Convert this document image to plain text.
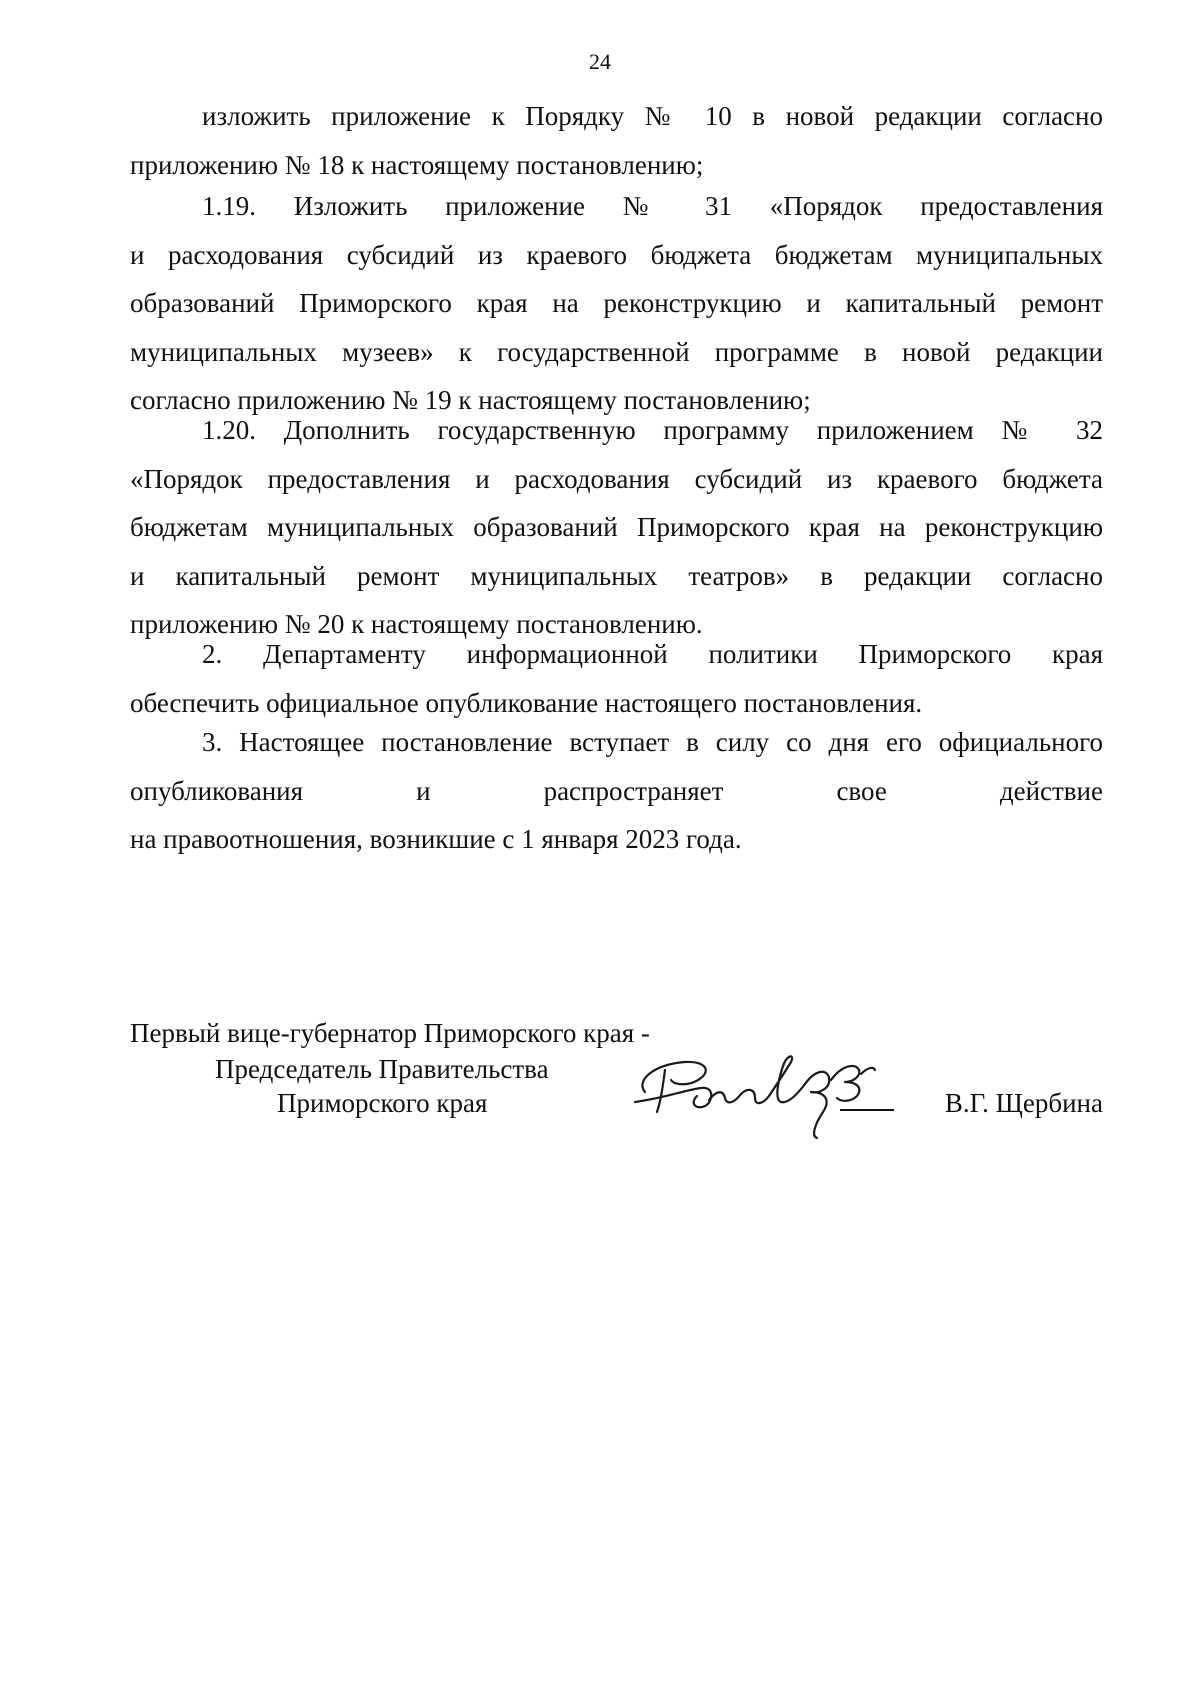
24
изложить приложение к Порядку № 10 в новой редакции согласно
приложению № 18 к настоящему постановлению;
1.19. Изложить приложение № 31 «Порядок предоставления
и расходования субсидий из краевого бюджета бюджетам муниципальных
образований Приморского края на реконструкцию и капитальный ремонт
муниципальных музеев» к государственной программе в новой редакции
согласно приложению № 19 к настоящему постановлению;
1.20. Дополнить государственную программу приложением № 32
«Порядок предоставления и расходования субсидий из краевого бюджета
бюджетам муниципальных образований Приморского края на реконструкцию
и капитальный ремонт муниципальных театров» в редакции согласно
приложению № 20 к настоящему постановлению.
2. Департаменту информационной политики Приморского края
обеспечить официальное опубликование настоящего постановления.
3. Настоящее постановление вступает в силу со дня его официального
опубликования и распространяет свое действие
на правоотношения, возникшие с 1 января 2023 года.
Первый вице-губернатор Приморского края -
Председатель Правительства
Приморского края	В.Г. Щербина
